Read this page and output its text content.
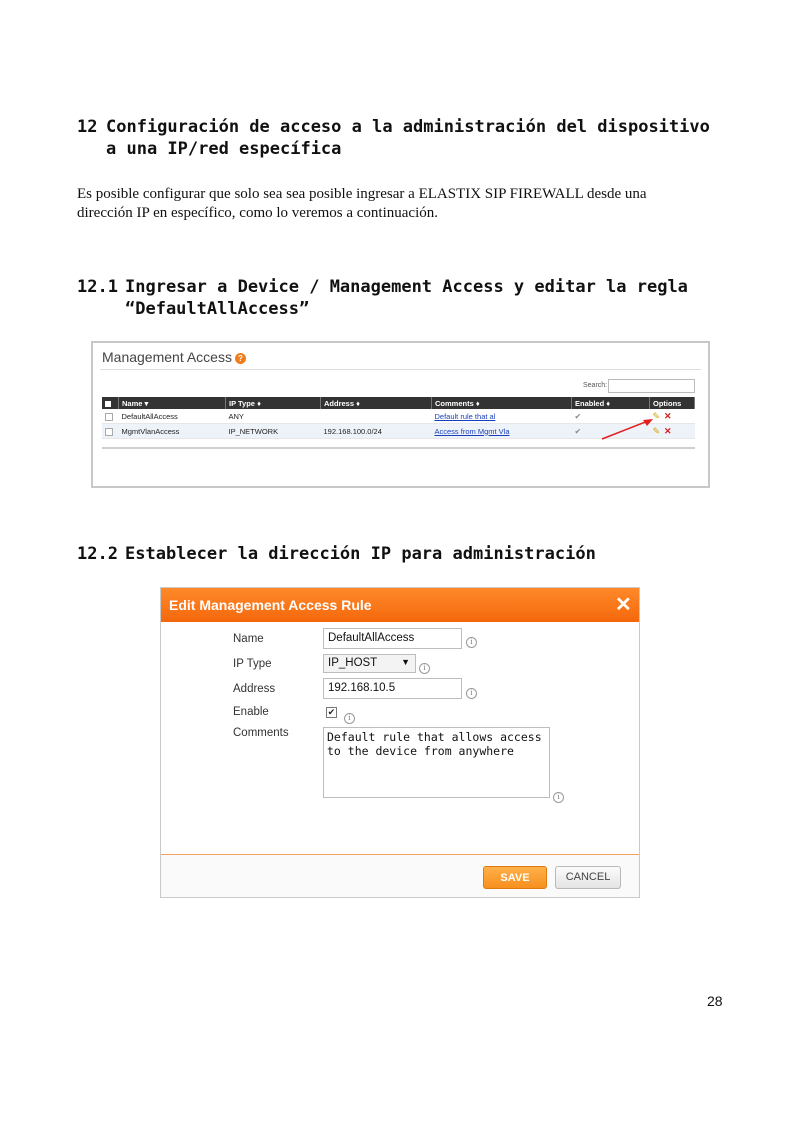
12 Configuración de acceso a la administración del dispositivo
a una IP/red específica
Es posible configurar que solo sea sea posible ingresar a ELASTIX SIP FIREWALL desde una
dirección IP en específico, como lo veremos a continuación.
12.1 Ingresar a Device / Management Access y editar la regla
“DefaultAllAccess”
Management Access ?
Search:
	Name ▾	IP Type ♦	Address ♦	Comments ♦	Enabled ♦	Options
	DefaultAllAccess	ANY		Default rule that al	✔	✎ ✕
	MgmtVlanAccess	IP_NETWORK	192.168.100.0/24	Access from Mgmt Vla	✔	✎ ✕
12.2 Establecer la dirección IP para administración
Edit Management Access Rule	✕
Name	DefaultAllAccess	i
IP Type	IP_HOST	▼
i
Address	192.168.10.5	i
Enable	✔
i
Comments	Default rule that allows access
to the device from anywhere
i
SAVE	CANCEL
28
